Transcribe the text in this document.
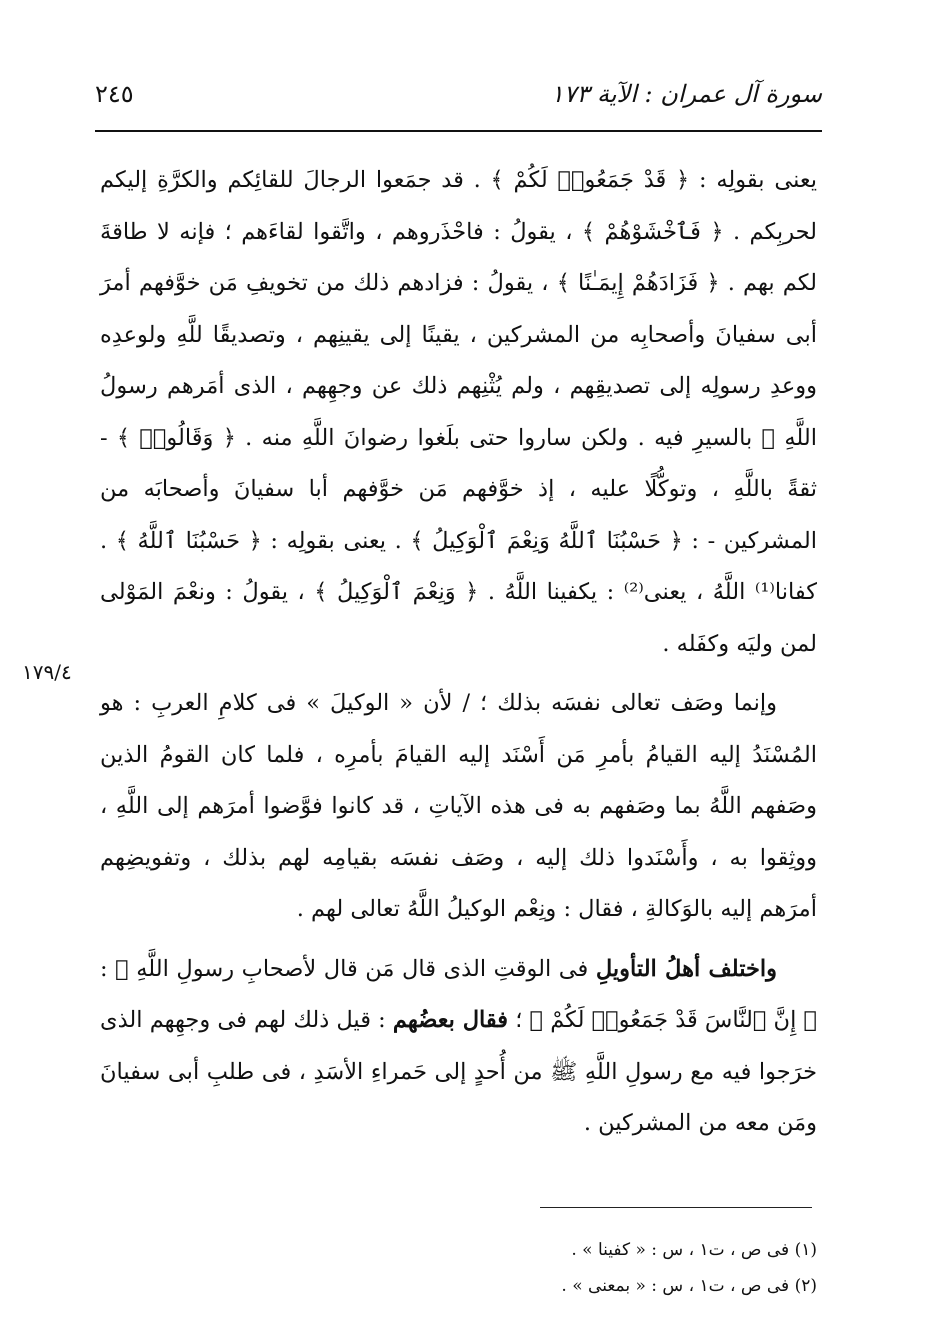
سورة آل عمران : الآية ١٧٣
٢٤٥
١٧٩/٤

يعنى بقولِه : ﴿ قَدْ جَمَعُوا۟ لَكُمْ ﴾ . قد جمَعوا الرجالَ للقائِكم والكرَّةِ إليكم لحربِكم . ﴿ فَٱخْشَوْهُمْ ﴾ ، يقولُ : فاحْذَروهم ، واتَّقوا لقاءَهم ؛ فإنه لا طاقةَ لكم بهم . ﴿ فَزَادَهُمْ إِيمَـٰنًا ﴾ ، يقولُ : فزادهم ذلك من تخويفِ مَن خوَّفهم أمرَ أبى سفيانَ وأصحابِه من المشركين ، يقينًا إلى يقينِهم ، وتصديقًا للَّهِ ولوعدِه ووعدِ رسولِه إلى تصديقِهم ، ولم يُثْنِهم ذلك عن وجهِهم ، الذى أمَرهم رسولُ اللَّهِ ﷺ بالسيرِ فيه . ولكن ساروا حتى بلَغوا رضوانَ اللَّهِ منه . ﴿ وَقَالُوا۟ ﴾ - ثقةً باللَّهِ ، وتوكُّلًا عليه ، إذ خوَّفهم مَن خوَّفهم أبا سفيانَ وأصحابَه من المشركين - : ﴿ حَسْبُنَا ٱللَّهُ وَنِعْمَ ٱلْوَكِيلُ ﴾ . يعنى بقولِه : ﴿ حَسْبُنَا ٱللَّهُ ﴾ . كفانا⁽¹⁾ اللَّهُ ، يعنى⁽²⁾ : يكفينا اللَّهُ . ﴿ وَنِعْمَ ٱلْوَكِيلُ ﴾ ، يقولُ : ونعْمَ المَوْلى لمن وليَه وكفَله .

وإنما وصَف تعالى نفسَه بذلك ؛ / لأن « الوكيلَ » فى كلامِ العربِ : هو المُسْنَدُ إليه القيامُ بأمرِ مَن أَسْنَد إليه القيامَ بأمرِه ، فلما كان القومُ الذين وصَفهم اللَّهُ بما وصَفهم به فى هذه الآياتِ ، قد كانوا فوَّضوا أمرَهم إلى اللَّهِ ، ووثِقوا به ، وأَسْنَدوا ذلك إليه ، وصَف نفسَه بقيامِه لهم بذلك ، وتفويضِهم أمرَهم إليه بالوَكالةِ ، فقال : ونِعْم الوكيلُ اللَّهُ تعالى لهم .

واختلف أهلُ التأويلِ فى الوقتِ الذى قال مَن قال لأصحابِ رسولِ اللَّهِ ﷺ : ﴿ إِنَّ ٱلنَّاسَ قَدْ جَمَعُوا۟ لَكُمْ ﴾ ؛ فقال بعضُهم : قيل ذلك لهم فى وجهِهم الذى خرَجوا فيه مع رسولِ اللَّهِ ﷺ من أُحدٍ إلى حَمراءِ الأسَدِ ، فى طلبِ أبى سفيانَ ومَن معه من المشركين .

(١) فى ص ، ت١ ، س : « كفينا » .

(٢) فى ص ، ت١ ، س : « بمعنى » .
